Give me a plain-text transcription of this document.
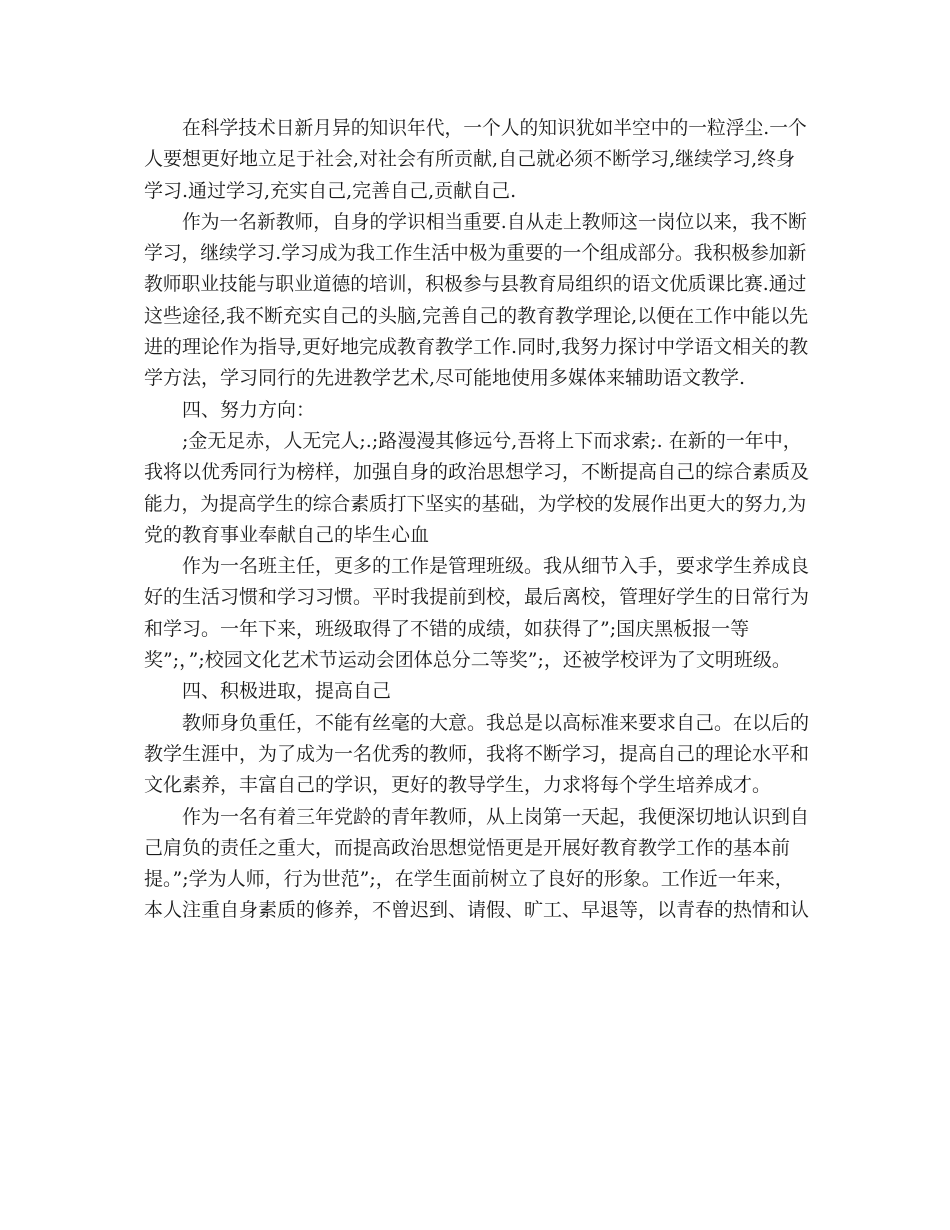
在科学技术日新月异的知识年代，一个人的知识犹如半空中的一粒浮尘.一个
人要想更好地立足于社会,对社会有所贡献,自己就必须不断学习,继续学习,终身
学习.通过学习,充实自己,完善自己,贡献自己.
作为一名新教师，自身的学识相当重要.自从走上教师这一岗位以来，我不断
学习，继续学习.学习成为我工作生活中极为重要的一个组成部分。我积极参加新
教师职业技能与职业道德的培训，积极参与县教育局组织的语文优质课比赛.通过
这些途径,我不断充实自己的头脑,完善自己的教育教学理论,以便在工作中能以先
进的理论作为指导,更好地完成教育教学工作.同时,我努力探讨中学语文相关的教
学方法，学习同行的先进教学艺术,尽可能地使用多媒体来辅助语文教学.
四、努力方向：
;金无足赤，人无完人;.;路漫漫其修远兮,吾将上下而求索;. 在新的一年中，
我将以优秀同行为榜样，加强自身的政治思想学习，不断提高自己的综合素质及
能力，为提高学生的综合素质打下坚实的基础，为学校的发展作出更大的努力,为
党的教育事业奉献自己的毕生心血
作为一名班主任，更多的工作是管理班级。我从细节入手，要求学生养成良
好的生活习惯和学习习惯。平时我提前到校，最后离校，管理好学生的日常行为
和学习。一年下来，班级取得了不错的成绩，如获得了”;国庆黑板报一等
奖”;，”;校园文化艺术节运动会团体总分二等奖”;，还被学校评为了文明班级。
四、积极进取，提高自己
教师身负重任，不能有丝毫的大意。我总是以高标准来要求自己。在以后的
教学生涯中，为了成为一名优秀的教师，我将不断学习，提高自己的理论水平和
文化素养，丰富自己的学识，更好的教导学生，力求将每个学生培养成才。
作为一名有着三年党龄的青年教师，从上岗第一天起，我便深切地认识到自
己肩负的责任之重大，而提高政治思想觉悟更是开展好教育教学工作的基本前
提。”;学为人师，行为世范”;，在学生面前树立了良好的形象。工作近一年来，
本人注重自身素质的修养，不曾迟到、请假、旷工、早退等，以青春的热情和认
